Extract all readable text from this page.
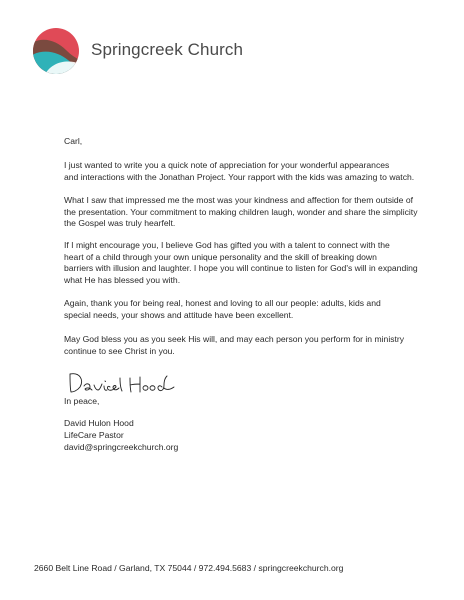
Springcreek Church
Carl,
I just wanted to write you a quick note of appreciation for your wonderful appearances
and interactions with the Jonathan Project. Your rapport with the kids was amazing to watch.
What I saw that impressed me the most was your kindness and affection for them outside of
the presentation. Your commitment to making children laugh, wonder and share the simplicity
the Gospel was truly hearfelt.
If I might encourage you, I believe God has gifted you with a talent to connect with the
heart of a child through your own unique personality and the skill of breaking down
barriers with illusion and laughter. I hope you will continue to listen for God's will in expanding
what He has blessed you with.
Again, thank you for being real, honest and loving to all our people: adults, kids and
special needs, your shows and attitude have been excellent.
May God bless you as you seek His will, and may each person you perform for in ministry
continue to see Christ in you.
In peace,
David Hulon Hood
LifeCare Pastor
david@springcreekchurch.org
2660 Belt Line Road / Garland, TX 75044 / 972.494.5683 / springcreekchurch.org
